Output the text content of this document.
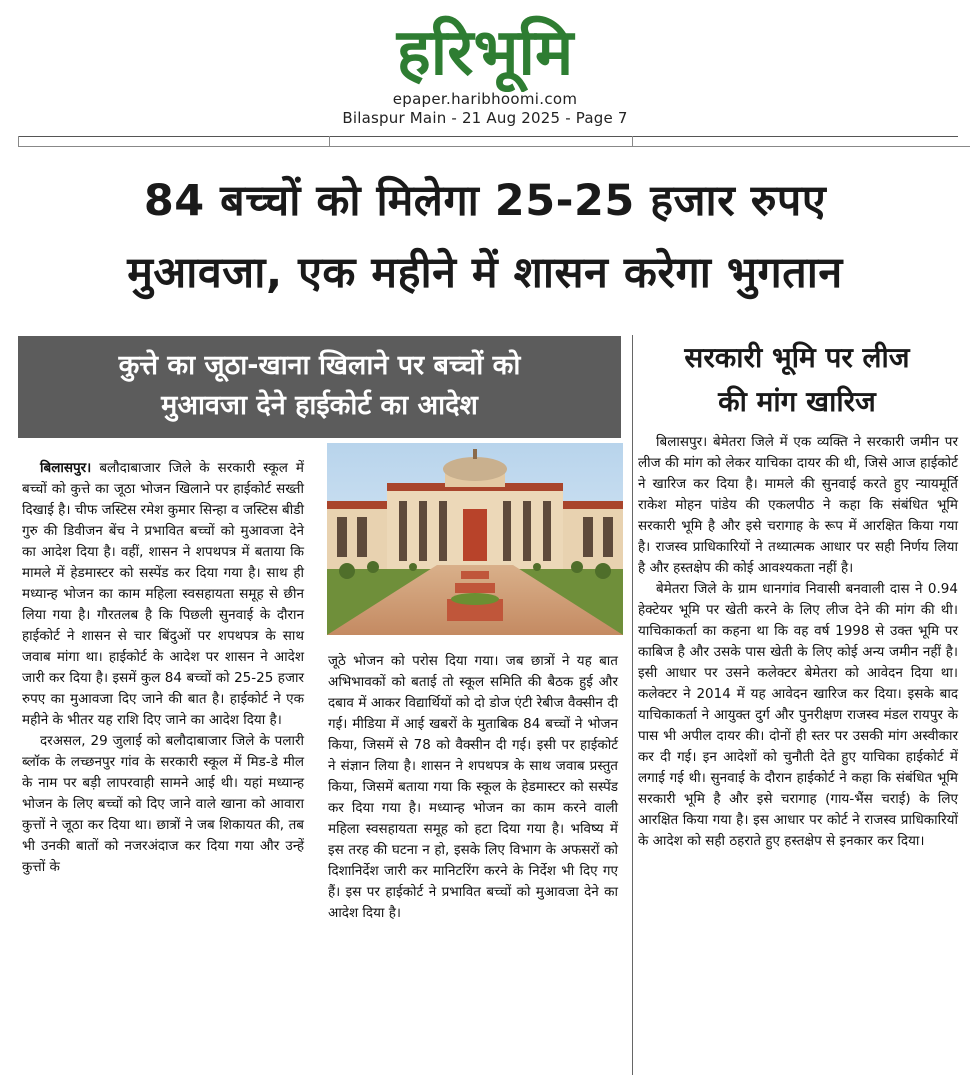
हरिभूमि
epaper.haribhoomi.com
Bilaspur Main - 21 Aug 2025 - Page 7
84 बच्चों को मिलेगा 25-25 हजार रुपए
मुआवजा, एक महीने में शासन करेगा भुगतान
कुत्ते का जूठा-खाना खिलाने पर बच्चों को
मुआवजा देने हाईकोर्ट का आदेश
सरकारी भूमि पर लीज
की मांग खारिज

बिलासपुर। बलौदाबाजार जिले के सरकारी स्कूल में बच्चों को कुत्ते का जूठा भोजन खिलाने पर हाईकोर्ट सख्ती दिखाई है। चीफ जस्टिस रमेश कुमार सिन्हा व जस्टिस बीडी गुरु की डिवीजन बेंच ने प्रभावित बच्चों को मुआवजा देने का आदेश दिया है। वहीं, शासन ने शपथपत्र में बताया कि मामले में हेडमास्टर को सस्पेंड कर दिया गया है। साथ ही मध्यान्ह भोजन का काम महिला स्वसहायता समूह से छीन लिया गया है। गौरतलब है कि पिछली सुनवाई के दौरान हाईकोर्ट ने शासन से चार बिंदुओं पर शपथपत्र के साथ जवाब मांगा था। हाईकोर्ट के आदेश पर शासन ने आदेश जारी कर दिया है। इसमें कुल 84 बच्चों को 25-25 हजार रुपए का मुआवजा दिए जाने की बात है। हाईकोर्ट ने एक महीने के भीतर यह राशि दिए जाने का आदेश दिया है।

दरअसल, 29 जुलाई को बलौदाबाजार जिले के पलारी ब्लॉक के लच्छनपुर गांव के सरकारी स्कूल में मिड-डे मील के नाम पर बड़ी लापरवाही सामने आई थी। यहां मध्यान्ह भोजन के लिए बच्चों को दिए जाने वाले खाना को आवारा कुत्तों ने जूठा कर दिया था। छात्रों ने जब शिकायत की, तब भी उनकी बातों को नजरअंदाज कर दिया गया और उन्हें कुत्तों के

जूठे भोजन को परोस दिया गया। जब छात्रों ने यह बात अभिभावकों को बताई तो स्कूल समिति की बैठक हुई और दबाव में आकर विद्यार्थियों को दो डोज एंटी रेबीज वैक्सीन दी गई। मीडिया में आई खबरों के मुताबिक 84 बच्चों ने भोजन किया, जिसमें से 78 को वैक्सीन दी गई। इसी पर हाईकोर्ट ने संज्ञान लिया है। शासन ने शपथपत्र के साथ जवाब प्रस्तुत किया, जिसमें बताया गया कि स्कूल के हेडमास्टर को सस्पेंड कर दिया गया है। मध्यान्ह भोजन का काम करने वाली महिला स्वसहायता समूह को हटा दिया गया है। भविष्य में इस तरह की घटना न हो, इसके लिए विभाग के अफसरों को दिशानिर्देश जारी कर मानिटरिंग करने के निर्देश भी दिए गए हैं। इस पर हाईकोर्ट ने प्रभावित बच्चों को मुआवजा देने का आदेश दिया है।

बिलासपुर। बेमेतरा जिले में एक व्यक्ति ने सरकारी जमीन पर लीज की मांग को लेकर याचिका दायर की थी, जिसे आज हाईकोर्ट ने खारिज कर दिया है। मामले की सुनवाई करते हुए न्यायमूर्ति राकेश मोहन पांडेय की एकलपीठ ने कहा कि संबंधित भूमि सरकारी भूमि है और इसे चरागाह के रूप में आरक्षित किया गया है। राजस्व प्राधिकारियों ने तथ्यात्मक आधार पर सही निर्णय लिया है और हस्तक्षेप की कोई आवश्यकता नहीं है।

बेमेतरा जिले के ग्राम धानगांव निवासी बनवाली दास ने 0.94 हेक्टेयर भूमि पर खेती करने के लिए लीज देने की मांग की थी। याचिकाकर्ता का कहना था कि वह वर्ष 1998 से उक्त भूमि पर काबिज है और उसके पास खेती के लिए कोई अन्य जमीन नहीं है। इसी आधार पर उसने कलेक्टर बेमेतरा को आवेदन दिया था। कलेक्टर ने 2014 में यह आवेदन खारिज कर दिया। इसके बाद याचिकाकर्ता ने आयुक्त दुर्ग और पुनरीक्षण राजस्व मंडल रायपुर के पास भी अपील दायर की। दोनों ही स्तर पर उसकी मांग अस्वीकार कर दी गई। इन आदेशों को चुनौती देते हुए याचिका हाईकोर्ट में लगाई गई थी। सुनवाई के दौरान हाईकोर्ट ने कहा कि संबंधित भूमि सरकारी भूमि है और इसे चरागाह (गाय-भैंस चराई) के लिए आरक्षित किया गया है। इस आधार पर कोर्ट ने राजस्व प्राधिकारियों के आदेश को सही ठहराते हुए हस्तक्षेप से इनकार कर दिया।
